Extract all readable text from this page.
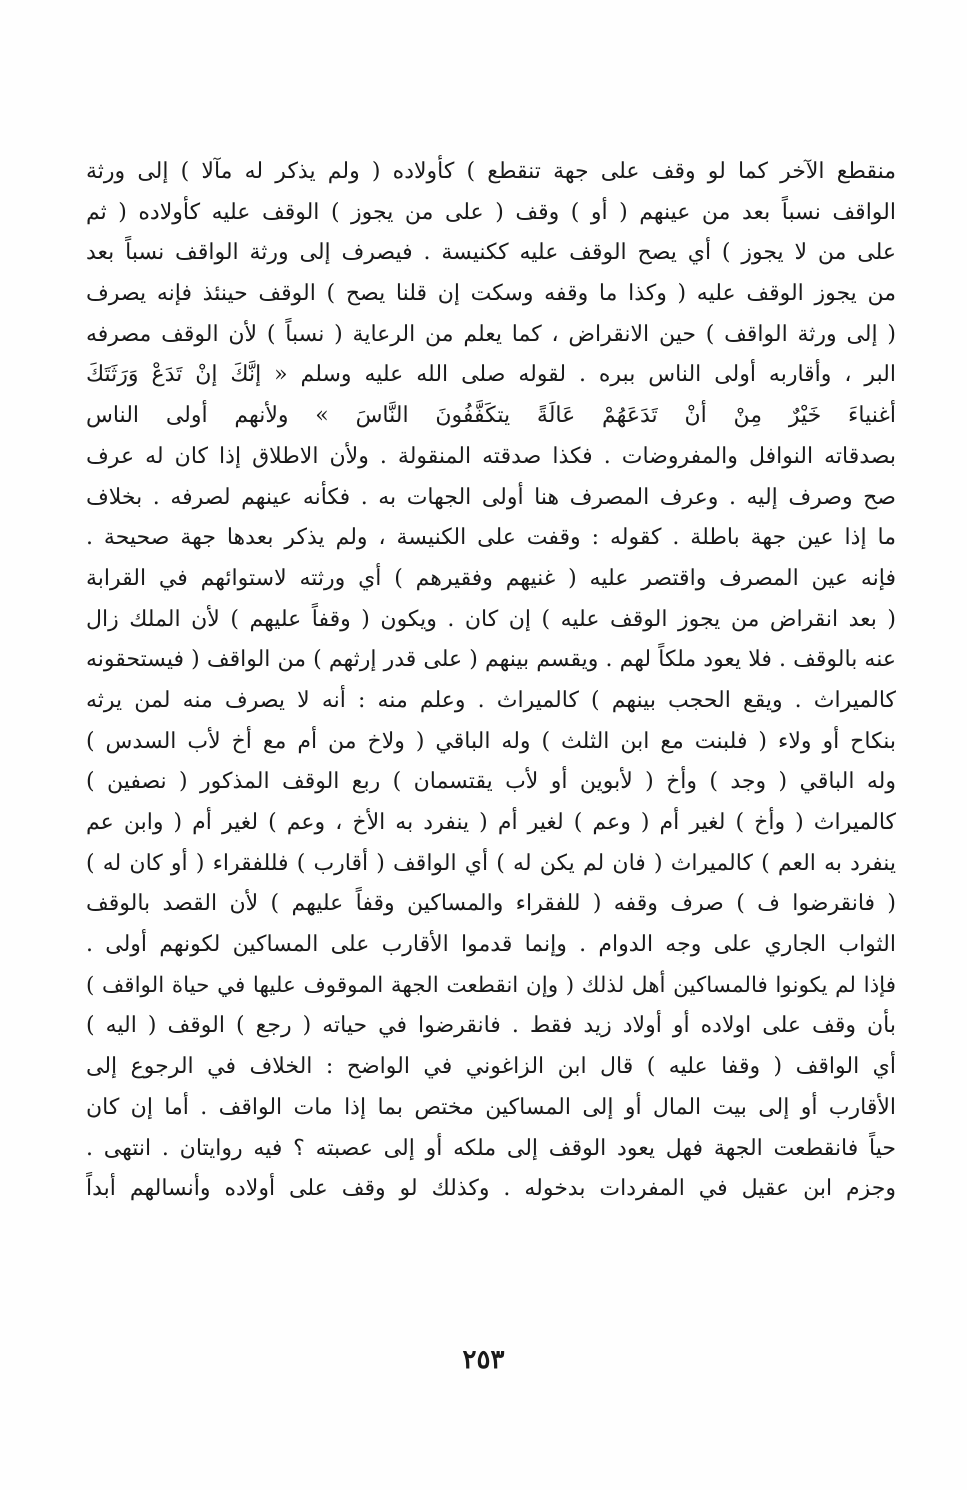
منقطع الآخر كما لو وقف على جهة تنقطع ) كأولاده ( ولم يذكر له مآلا ) إلى ورثة
الواقف نسباً بعد من عينهم ( أو ) وقف ( على من يجوز ) الوقف عليه كأولاده ( ثم
على من لا يجوز ) أي يصح الوقف عليه ككنيسة . فيصرف إلى ورثة الواقف نسباً بعد
من يجوز الوقف عليه ( وكذا ما وقفه وسكت إن قلنا يصح ) الوقف حينئذ فإنه يصرف
( إلى ورثة الواقف ) حين الانقراض ، كما يعلم من الرعاية ( نسباً ) لأن الوقف مصرفه
البر ، وأقاربه أولى الناس ببره . لقوله صلى الله عليه وسلم « إنَّكَ إنْ تَدَعْ وَرَثَتَكَ
أغنياءَ خَيْرٌ مِنْ أنْ تَدَعَهُمْ عَالَةً يتكَفَّفُونَ النَّاسَ » ولأنهم أولى الناس
بصدقاته النوافل والمفروضات . فكذا صدقته المنقولة . ولأن الاطلاق إذا كان له عرف
صح وصرف إليه . وعرف المصرف هنا أولى الجهات به . فكأنه عينهم لصرفه . بخلاف
ما إذا عين جهة باطلة . كقوله : وقفت على الكنيسة ، ولم يذكر بعدها جهة صحيحة .
فإنه عين المصرف واقتصر عليه ( غنيهم وفقيرهم ) أي ورثته لاستوائهم في القرابة
( بعد انقراض من يجوز الوقف عليه ) إن كان . ويكون ( وقفاً عليهم ) لأن الملك زال
عنه بالوقف . فلا يعود ملكاً لهم . ويقسم بينهم ( على قدر إرثهم ) من الواقف ( فيستحقونه
كالميراث . ويقع الحجب بينهم ) كالميراث . وعلم منه : أنه لا يصرف منه لمن يرثه
بنكاح أو ولاء ( فلبنت مع ابن الثلث ) وله الباقي ( ولاخ من أم مع أخ لأب السدس )
وله الباقي ( وجد ) وأخ ( لأبوين أو لأب يقتسمان ) ربع الوقف المذكور ( نصفين )
كالميراث ( وأخ ) لغير أم ( وعم ) لغير أم ( ينفرد به الأخ ، وعم ) لغير أم ( وابن عم
ينفرد به العم ) كالميراث ( فان لم يكن له ) أي الواقف ( أقارب ) فللفقراء ( أو كان له )
( فانقرضوا ف ) صرف وقفه ( للفقراء والمساكين وقفاً عليهم ) لأن القصد بالوقف
الثواب الجاري على وجه الدوام . وإنما قدموا الأقارب على المساكين لكونهم أولى .
فإذا لم يكونوا فالمساكين أهل لذلك ( وإن انقطعت الجهة الموقوف عليها في حياة الواقف )
بأن وقف على اولاده أو أولاد زيد فقط . فانقرضوا في حياته ( رجع ) الوقف ( اليه )
أي الواقف ( وقفا عليه ) قال ابن الزاغوني في الواضح : الخلاف في الرجوع إلى
الأقارب أو إلى بيت المال أو إلى المساكين مختص بما إذا مات الواقف . أما إن كان
حياً فانقطعت الجهة فهل يعود الوقف إلى ملكه أو إلى عصبته ؟ فيه روايتان . انتهى .
وجزم ابن عقيل في المفردات بدخوله . وكذلك لو وقف على أولاده وأنسالهم أبداً
٢٥٣
